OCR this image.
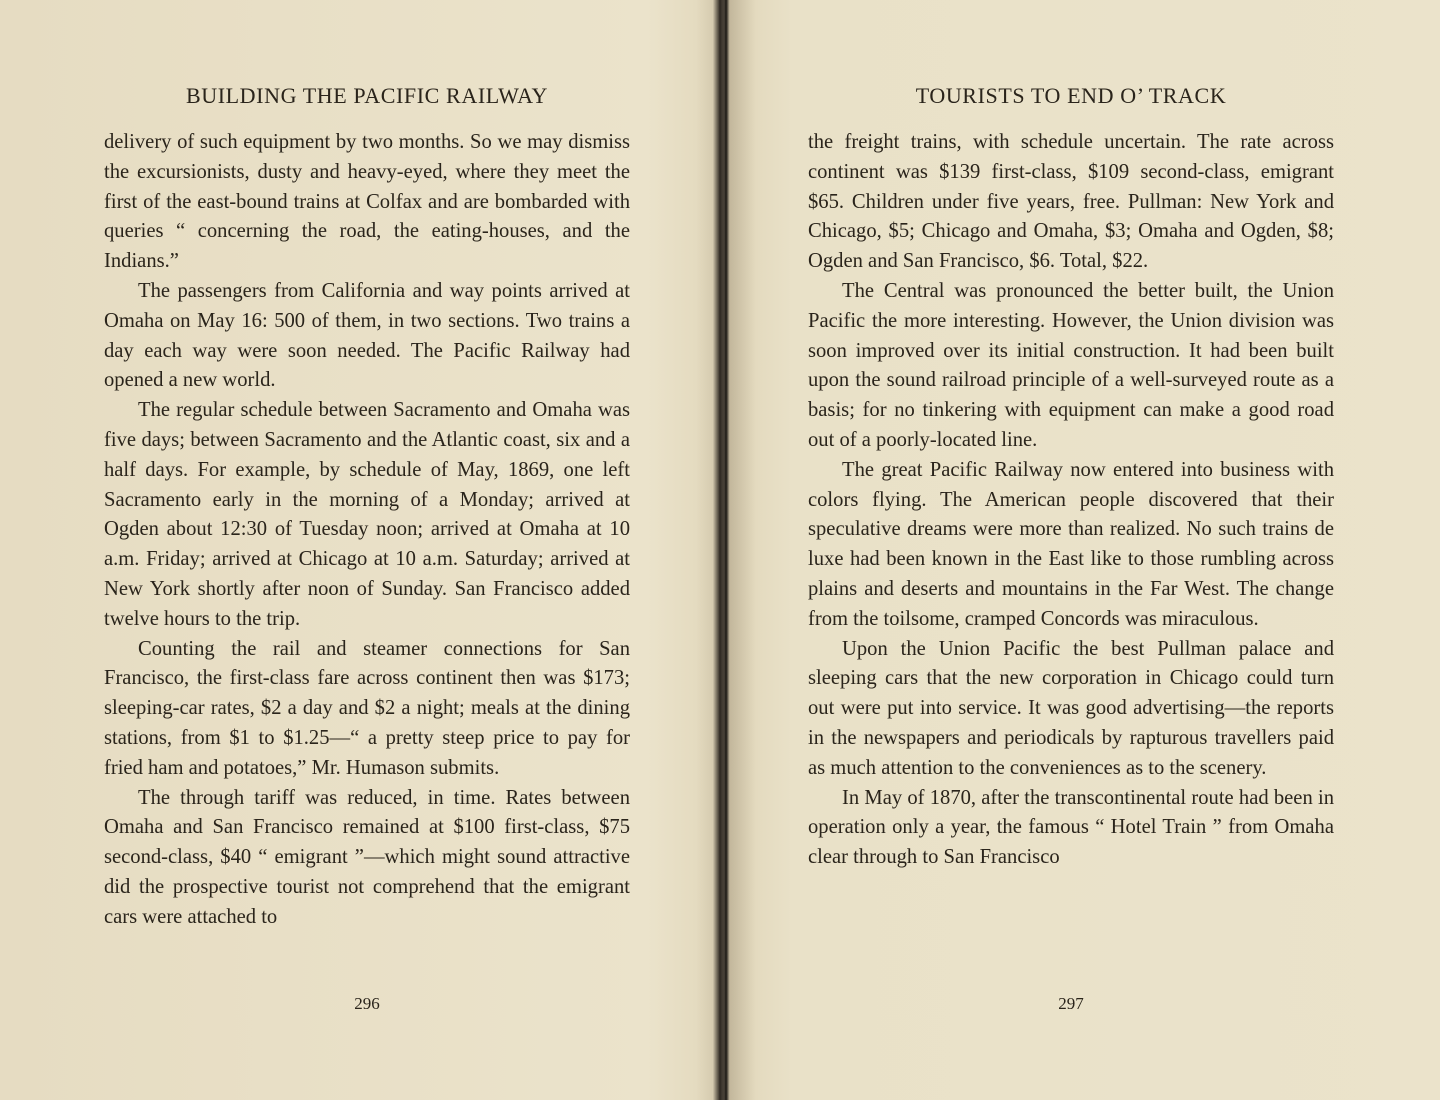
BUILDING THE PACIFIC RAILWAY

delivery of such equipment by two months. So we may dismiss the excursionists, dusty and heavy-eyed, where they meet the first of the east-bound trains at Colfax and are bombarded with queries “ concerning the road, the eating-houses, and the Indians.”

The passengers from California and way points arrived at Omaha on May 16: 500 of them, in two sections. Two trains a day each way were soon needed. The Pacific Railway had opened a new world.

The regular schedule between Sacramento and Omaha was five days; between Sacramento and the Atlantic coast, six and a half days. For example, by schedule of May, 1869, one left Sacramento early in the morning of a Monday; arrived at Ogden about 12:30 of Tuesday noon; arrived at Omaha at 10 a.m. Friday; arrived at Chicago at 10 a.m. Saturday; arrived at New York shortly after noon of Sunday. San Francisco added twelve hours to the trip.

Counting the rail and steamer connections for San Francisco, the first-class fare across continent then was $173; sleeping-car rates, $2 a day and $2 a night; meals at the dining stations, from $1 to $1.25—“ a pretty steep price to pay for fried ham and potatoes,” Mr. Humason submits.

The through tariff was reduced, in time. Rates between Omaha and San Francisco remained at $100 first-class, $75 second-class, $40 “ emigrant ”—which might sound attractive did the prospective tourist not comprehend that the emigrant cars were attached to

296
TOURISTS TO END O’ TRACK

the freight trains, with schedule uncertain. The rate across continent was $139 first-class, $109 second-class, emigrant $65. Children under five years, free. Pullman: New York and Chicago, $5; Chicago and Omaha, $3; Omaha and Ogden, $8; Ogden and San Francisco, $6. Total, $22.

The Central was pronounced the better built, the Union Pacific the more interesting. However, the Union division was soon improved over its initial construction. It had been built upon the sound railroad principle of a well-surveyed route as a basis; for no tinkering with equipment can make a good road out of a poorly-located line.

The great Pacific Railway now entered into business with colors flying. The American people discovered that their speculative dreams were more than realized. No such trains de luxe had been known in the East like to those rumbling across plains and deserts and mountains in the Far West. The change from the toilsome, cramped Concords was miraculous.

Upon the Union Pacific the best Pullman palace and sleeping cars that the new corporation in Chicago could turn out were put into service. It was good advertising—the reports in the newspapers and periodicals by rapturous travellers paid as much attention to the conveniences as to the scenery.

In May of 1870, after the transcontinental route had been in operation only a year, the famous “ Hotel Train ” from Omaha clear through to San Francisco

297
